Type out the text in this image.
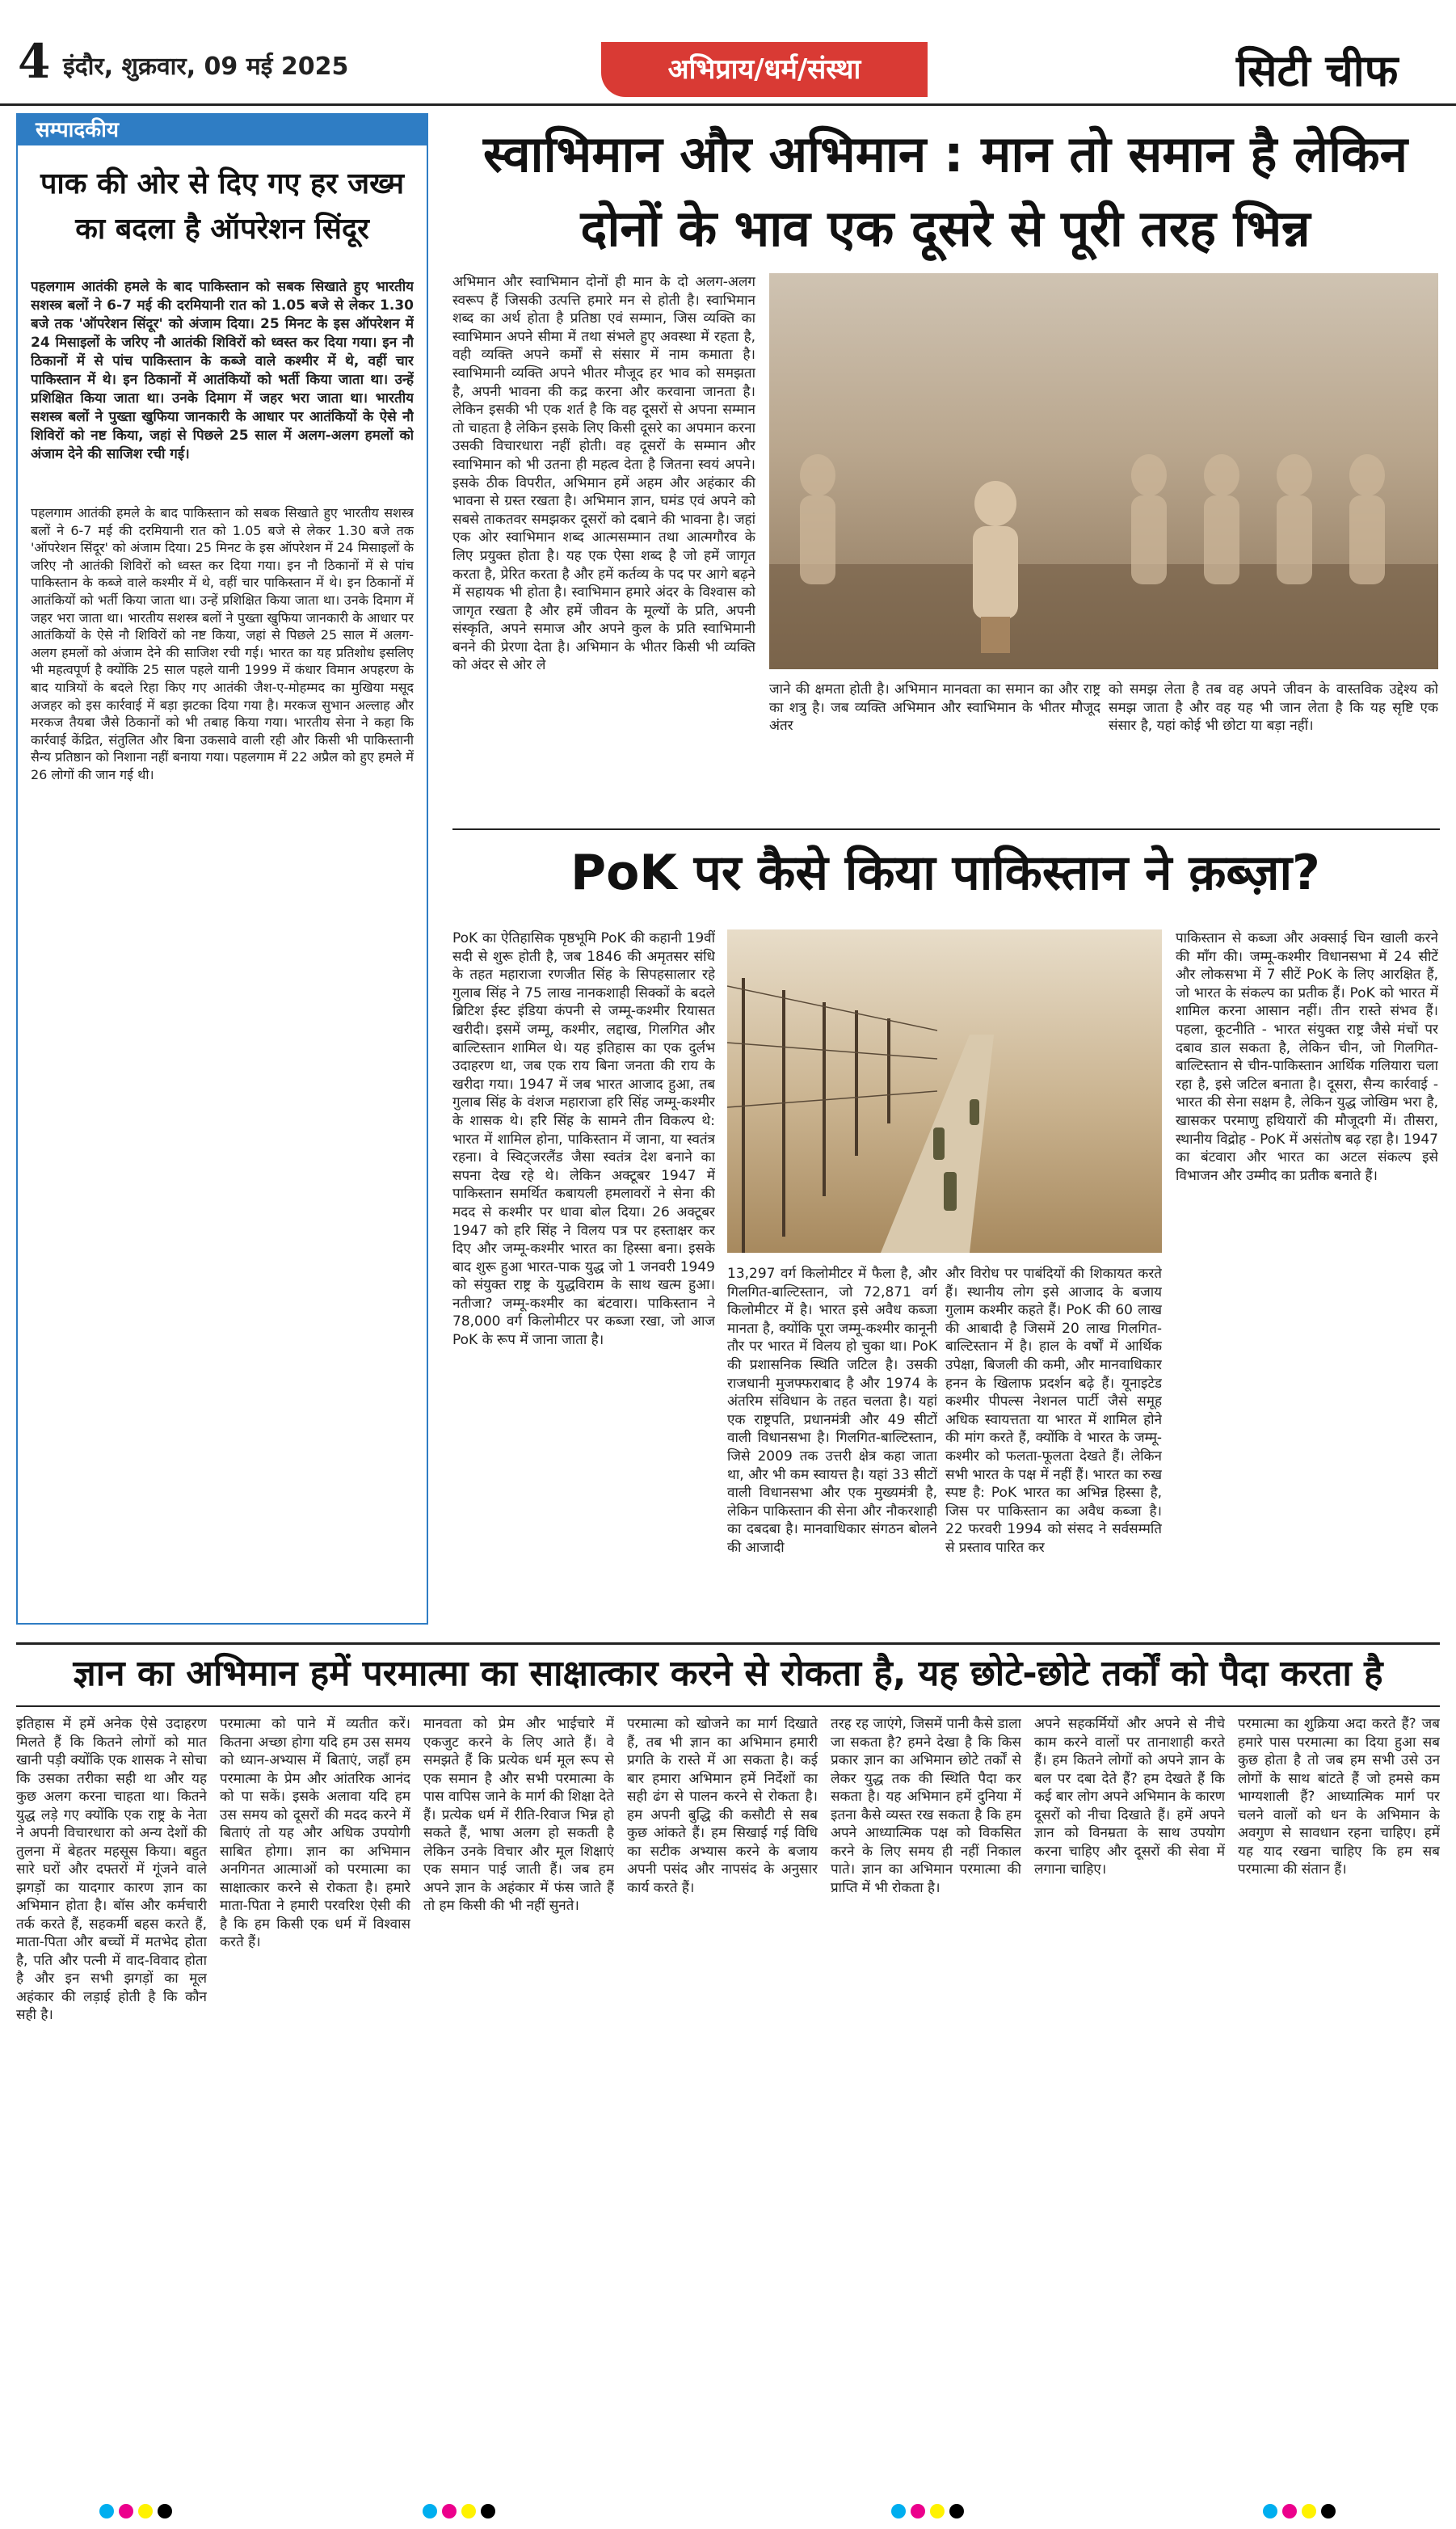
4 इंदौर, शुक्रवार, 09 मई 2025	अभिप्राय/धर्म/संस्था	सिटी चीफ
सम्पादकीय
पाक की ओर से दिए गए हर जख्म का बदला है ऑपरेशन सिंदूर
पहलगाम आतंकी हमले के बाद पाकिस्तान को सबक सिखाते हुए भारतीय सशस्त्र बलों ने 6-7 मई की दरमियानी रात को 1.05 बजे से लेकर 1.30 बजे तक 'ऑपरेशन सिंदूर' को अंजाम दिया। 25 मिनट के इस ऑपरेशन में 24 मिसाइलों के जरिए नौ आतंकी शिविरों को ध्वस्त कर दिया गया। इन नौ ठिकानों में से पांच पाकिस्तान के कब्जे वाले कश्मीर में थे, वहीं चार पाकिस्तान में थे। इन ठिकानों में आतंकियों को भर्ती किया जाता था। उन्हें प्रशिक्षित किया जाता था। उनके दिमाग में जहर भरा जाता था। भारतीय सशस्त्र बलों ने पुख्ता खुफिया जानकारी के आधार पर आतंकियों के ऐसे नौ शिविरों को नष्ट किया, जहां से पिछले 25 साल में अलग-अलग हमलों को अंजाम देने की साजिश रची गई।
पहलगाम आतंकी हमले के बाद पाकिस्तान को सबक सिखाते हुए भारतीय सशस्त्र बलों ने 6-7 मई की दरमियानी रात को 1.05 बजे से लेकर 1.30 बजे तक 'ऑपरेशन सिंदूर' को अंजाम दिया। 25 मिनट के इस ऑपरेशन में 24 मिसाइलों के जरिए नौ आतंकी शिविरों को ध्वस्त कर दिया गया। इन नौ ठिकानों में से पांच पाकिस्तान के कब्जे वाले कश्मीर में थे, वहीं चार पाकिस्तान में थे। इन ठिकानों में आतंकियों को भर्ती किया जाता था। उन्हें प्रशिक्षित किया जाता था। उनके दिमाग में जहर भरा जाता था। भारतीय सशस्त्र बलों ने पुख्ता खुफिया जानकारी के आधार पर आतंकियों के ऐसे नौ शिविरों को नष्ट किया, जहां से पिछले 25 साल में अलग-अलग हमलों को अंजाम देने की साजिश रची गई। भारत का यह प्रतिशोध इसलिए भी महत्वपूर्ण है क्योंकि 25 साल पहले यानी 1999 में कंधार विमान अपहरण के बाद यात्रियों के बदले रिहा किए गए आतंकी जैश-ए-मोहम्मद का मुखिया मसूद अजहर को इस कार्रवाई में बड़ा झटका दिया गया है। मरकज सुभान अल्लाह और मरकज तैयबा जैसे ठिकानों को भी तबाह किया गया। भारतीय सेना ने कहा कि कार्रवाई केंद्रित, संतुलित और बिना उकसावे वाली रही और किसी भी पाकिस्तानी सैन्य प्रतिष्ठान को निशाना नहीं बनाया गया। पहलगाम में 22 अप्रैल को हुए हमले में 26 लोगों की जान गई थी।
स्वाभिमान और अभिमान : मान तो समान है लेकिन दोनों के भाव एक दूसरे से पूरी तरह भिन्न
अभिमान और स्वाभिमान दोनों ही मान के दो अलग-अलग स्वरूप हैं जिसकी उत्पत्ति हमारे मन से होती है। स्वाभिमान शब्द का अर्थ होता है प्रतिष्ठा एवं सम्मान, जिस व्यक्ति का स्वाभिमान अपने सीमा में तथा संभले हुए अवस्था में रहता है, वही व्यक्ति अपने कर्मों से संसार में नाम कमाता है। स्वाभिमानी व्यक्ति अपने भीतर मौजूद हर भाव को समझता है, अपनी भावना की कद्र करना और करवाना जानता है। लेकिन इसकी भी एक शर्त है कि वह दूसरों से अपना सम्मान तो चाहता है लेकिन इसके लिए किसी दूसरे का अपमान करना उसकी विचारधारा नहीं होती। वह दूसरों के सम्मान और स्वाभिमान को भी उतना ही महत्व देता है जितना स्वयं अपने। इसके ठीक विपरीत, अभिमान हमें अहम और अहंकार की भावना से ग्रस्त रखता है। अभिमान ज्ञान, घमंड एवं अपने को सबसे ताकतवर समझकर दूसरों को दबाने की भावना है। जहां एक ओर स्वाभिमान शब्द आत्मसम्मान तथा आत्मगौरव के लिए प्रयुक्त होता है। यह एक ऐसा शब्द है जो हमें जागृत करता है, प्रेरित करता है और हमें कर्तव्य के पद पर आगे बढ़ने में सहायक भी होता है। स्वाभिमान हमारे अंदर के विश्वास को जागृत रखता है और हमें जीवन के मूल्यों के प्रति, अपनी संस्कृति, अपने समाज और अपने कुल के प्रति स्वाभिमानी बनने की प्रेरणा देता है। अभिमान के भीतर किसी भी व्यक्ति को अंदर से ओर ले
जाने की क्षमता होती है। अभिमान मानवता का समान का और राष्ट्र का शत्रु है। जब व्यक्ति अभिमान और स्वाभिमान के भीतर मौजूद अंतर
को समझ लेता है तब वह अपने जीवन के वास्तविक उद्देश्य को समझ जाता है और वह यह भी जान लेता है कि यह सृष्टि एक संसार है, यहां कोई भी छोटा या बड़ा नहीं।
PoK पर कैसे किया पाकिस्तान ने क़ब्ज़ा?
PoK का ऐतिहासिक पृष्ठभूमि PoK की कहानी 19वीं सदी से शुरू होती है, जब 1846 की अमृतसर संधि के तहत महाराजा रणजीत सिंह के सिपहसालार रहे गुलाब सिंह ने 75 लाख नानकशाही सिक्कों के बदले ब्रिटिश ईस्ट इंडिया कंपनी से जम्मू-कश्मीर रियासत खरीदी। इसमें जम्मू, कश्मीर, लद्दाख, गिलगित और बाल्टिस्तान शामिल थे। यह इतिहास का एक दुर्लभ उदाहरण था, जब एक राय बिना जनता की राय के खरीदा गया। 1947 में जब भारत आजाद हुआ, तब गुलाब सिंह के वंशज महाराजा हरि सिंह जम्मू-कश्मीर के शासक थे। हरि सिंह के सामने तीन विकल्प थे: भारत में शामिल होना, पाकिस्तान में जाना, या स्वतंत्र रहना। वे स्विट्जरलैंड जैसा स्वतंत्र देश बनाने का सपना देख रहे थे। लेकिन अक्टूबर 1947 में पाकिस्तान समर्थित कबायली हमलावरों ने सेना की मदद से कश्मीर पर धावा बोल दिया। 26 अक्टूबर 1947 को हरि सिंह ने विलय पत्र पर हस्ताक्षर कर दिए और जम्मू-कश्मीर भारत का हिस्सा बना। इसके बाद शुरू हुआ भारत-पाक युद्ध जो 1 जनवरी 1949 को संयुक्त राष्ट्र के युद्धविराम के साथ खत्म हुआ। नतीजा? जम्मू-कश्मीर का बंटवारा। पाकिस्तान ने 78,000 वर्ग किलोमीटर पर कब्जा रखा, जो आज PoK के रूप में जाना जाता है।
13,297 वर्ग किलोमीटर में फैला है, और गिलगित-बाल्टिस्तान, जो 72,871 वर्ग किलोमीटर में है। भारत इसे अवैध कब्जा मानता है, क्योंकि पूरा जम्मू-कश्मीर कानूनी तौर पर भारत में विलय हो चुका था। PoK की प्रशासनिक स्थिति जटिल है। उसकी राजधानी मुजफ्फराबाद है और 1974 के अंतरिम संविधान के तहत चलता है। यहां एक राष्ट्रपति, प्रधानमंत्री और 49 सीटों वाली विधानसभा है। गिलगित-बाल्टिस्तान, जिसे 2009 तक उत्तरी क्षेत्र कहा जाता था, और भी कम स्वायत्त है। यहां 33 सीटों वाली विधानसभा और एक मुख्यमंत्री है, लेकिन पाकिस्तान की सेना और नौकरशाही का दबदबा है। मानवाधिकार संगठन बोलने की आजादी
और विरोध पर पाबंदियों की शिकायत करते हैं। स्थानीय लोग इसे आजाद के बजाय गुलाम कश्मीर कहते हैं। PoK की 60 लाख की आबादी है जिसमें 20 लाख गिलगित-बाल्टिस्तान में है। हाल के वर्षों में आर्थिक उपेक्षा, बिजली की कमी, और मानवाधिकार हनन के खिलाफ प्रदर्शन बढ़े हैं। यूनाइटेड कश्मीर पीपल्स नेशनल पार्टी जैसे समूह अधिक स्वायत्तता या भारत में शामिल होने की मांग करते हैं, क्योंकि वे भारत के जम्मू-कश्मीर को फलता-फूलता देखते हैं। लेकिन सभी भारत के पक्ष में नहीं हैं। भारत का रुख स्पष्ट है: PoK भारत का अभिन्न हिस्सा है, जिस पर पाकिस्तान का अवैध कब्जा है। 22 फरवरी 1994 को संसद ने सर्वसम्मति से प्रस्ताव पारित कर
पाकिस्तान से कब्जा और अक्साई चिन खाली करने की माँग की। जम्मू-कश्मीर विधानसभा में 24 सीटें और लोकसभा में 7 सीटें PoK के लिए आरक्षित हैं, जो भारत के संकल्प का प्रतीक हैं। PoK को भारत में शामिल करना आसान नहीं। तीन रास्ते संभव हैं। पहला, कूटनीति - भारत संयुक्त राष्ट्र जैसे मंचों पर दबाव डाल सकता है, लेकिन चीन, जो गिलगित-बाल्टिस्तान से चीन-पाकिस्तान आर्थिक गलियारा चला रहा है, इसे जटिल बनाता है। दूसरा, सैन्य कार्रवाई - भारत की सेना सक्षम है, लेकिन युद्ध जोखिम भरा है, खासकर परमाणु हथियारों की मौजूदगी में। तीसरा, स्थानीय विद्रोह - PoK में असंतोष बढ़ रहा है। 1947 का बंटवारा और भारत का अटल संकल्प इसे विभाजन और उम्मीद का प्रतीक बनाते हैं।
ज्ञान का अभिमान हमें परमात्मा का साक्षात्कार करने से रोकता है, यह छोटे-छोटे तर्कों को पैदा करता है
इतिहास में हमें अनेक ऐसे उदाहरण मिलते हैं कि कितने लोगों को मात खानी पड़ी क्योंकि एक शासक ने सोचा कि उसका तरीका सही था और यह कुछ अलग करना चाहता था। कितने युद्ध लड़े गए क्योंकि एक राष्ट्र के नेता ने अपनी विचारधारा को अन्य देशों की तुलना में बेहतर महसूस किया। बहुत सारे घरों और दफ्तरों में गूंजने वाले झगड़ों का यादगार कारण ज्ञान का अभिमान होता है। बॉस और कर्मचारी तर्क करते हैं, सहकर्मी बहस करते हैं, माता-पिता और बच्चों में मतभेद होता है, पति और पत्नी में वाद-विवाद होता है और इन सभी झगड़ों का मूल अहंकार की लड़ाई होती है कि कौन सही है।
परमात्मा को पाने में व्यतीत करें। कितना अच्छा होगा यदि हम उस समय को ध्यान-अभ्यास में बिताएं, जहाँ हम परमात्मा के प्रेम और आंतरिक आनंद को पा सकें। इसके अलावा यदि हम उस समय को दूसरों की मदद करने में बिताएं तो यह और अधिक उपयोगी साबित होगा। ज्ञान का अभिमान अनगिनत आत्माओं को परमात्मा का साक्षात्कार करने से रोकता है। हमारे माता-पिता ने हमारी परवरिश ऐसी की है कि हम किसी एक धर्म में विश्वास करते हैं।
मानवता को प्रेम और भाईचारे में एकजुट करने के लिए आते हैं। वे समझते हैं कि प्रत्येक धर्म मूल रूप से एक समान है और सभी परमात्मा के पास वापिस जाने के मार्ग की शिक्षा देते हैं। प्रत्येक धर्म में रीति-रिवाज भिन्न हो सकते हैं, भाषा अलग हो सकती है लेकिन उनके विचार और मूल शिक्षाएं एक समान पाई जाती हैं। जब हम अपने ज्ञान के अहंकार में फंस जाते हैं तो हम किसी की भी नहीं सुनते।
परमात्मा को खोजने का मार्ग दिखाते हैं, तब भी ज्ञान का अभिमान हमारी प्रगति के रास्ते में आ सकता है। कई बार हमारा अभिमान हमें निर्देशों का सही ढंग से पालन करने से रोकता है। हम अपनी बुद्धि की कसौटी से सब कुछ आंकते हैं। हम सिखाई गई विधि का सटीक अभ्यास करने के बजाय अपनी पसंद और नापसंद के अनुसार कार्य करते हैं।
तरह रह जाएंगे, जिसमें पानी कैसे डाला जा सकता है? हमने देखा है कि किस प्रकार ज्ञान का अभिमान छोटे तर्कों से लेकर युद्ध तक की स्थिति पैदा कर सकता है। यह अभिमान हमें दुनिया में इतना कैसे व्यस्त रख सकता है कि हम अपने आध्यात्मिक पक्ष को विकसित करने के लिए समय ही नहीं निकाल पाते। ज्ञान का अभिमान परमात्मा की प्राप्ति में भी रोकता है।
अपने सहकर्मियों और अपने से नीचे काम करने वालों पर तानाशाही करते हैं। हम कितने लोगों को अपने ज्ञान के बल पर दबा देते हैं? हम देखते हैं कि कई बार लोग अपने अभिमान के कारण दूसरों को नीचा दिखाते हैं। हमें अपने ज्ञान को विनम्रता के साथ उपयोग करना चाहिए और दूसरों की सेवा में लगाना चाहिए।
परमात्मा का शुक्रिया अदा करते हैं? जब हमारे पास परमात्मा का दिया हुआ सब कुछ होता है तो जब हम सभी उसे उन लोगों के साथ बांटते हैं जो हमसे कम भाग्यशाली हैं? आध्यात्मिक मार्ग पर चलने वालों को धन के अभिमान के अवगुण से सावधान रहना चाहिए। हमें यह याद रखना चाहिए कि हम सब परमात्मा की संतान हैं।
